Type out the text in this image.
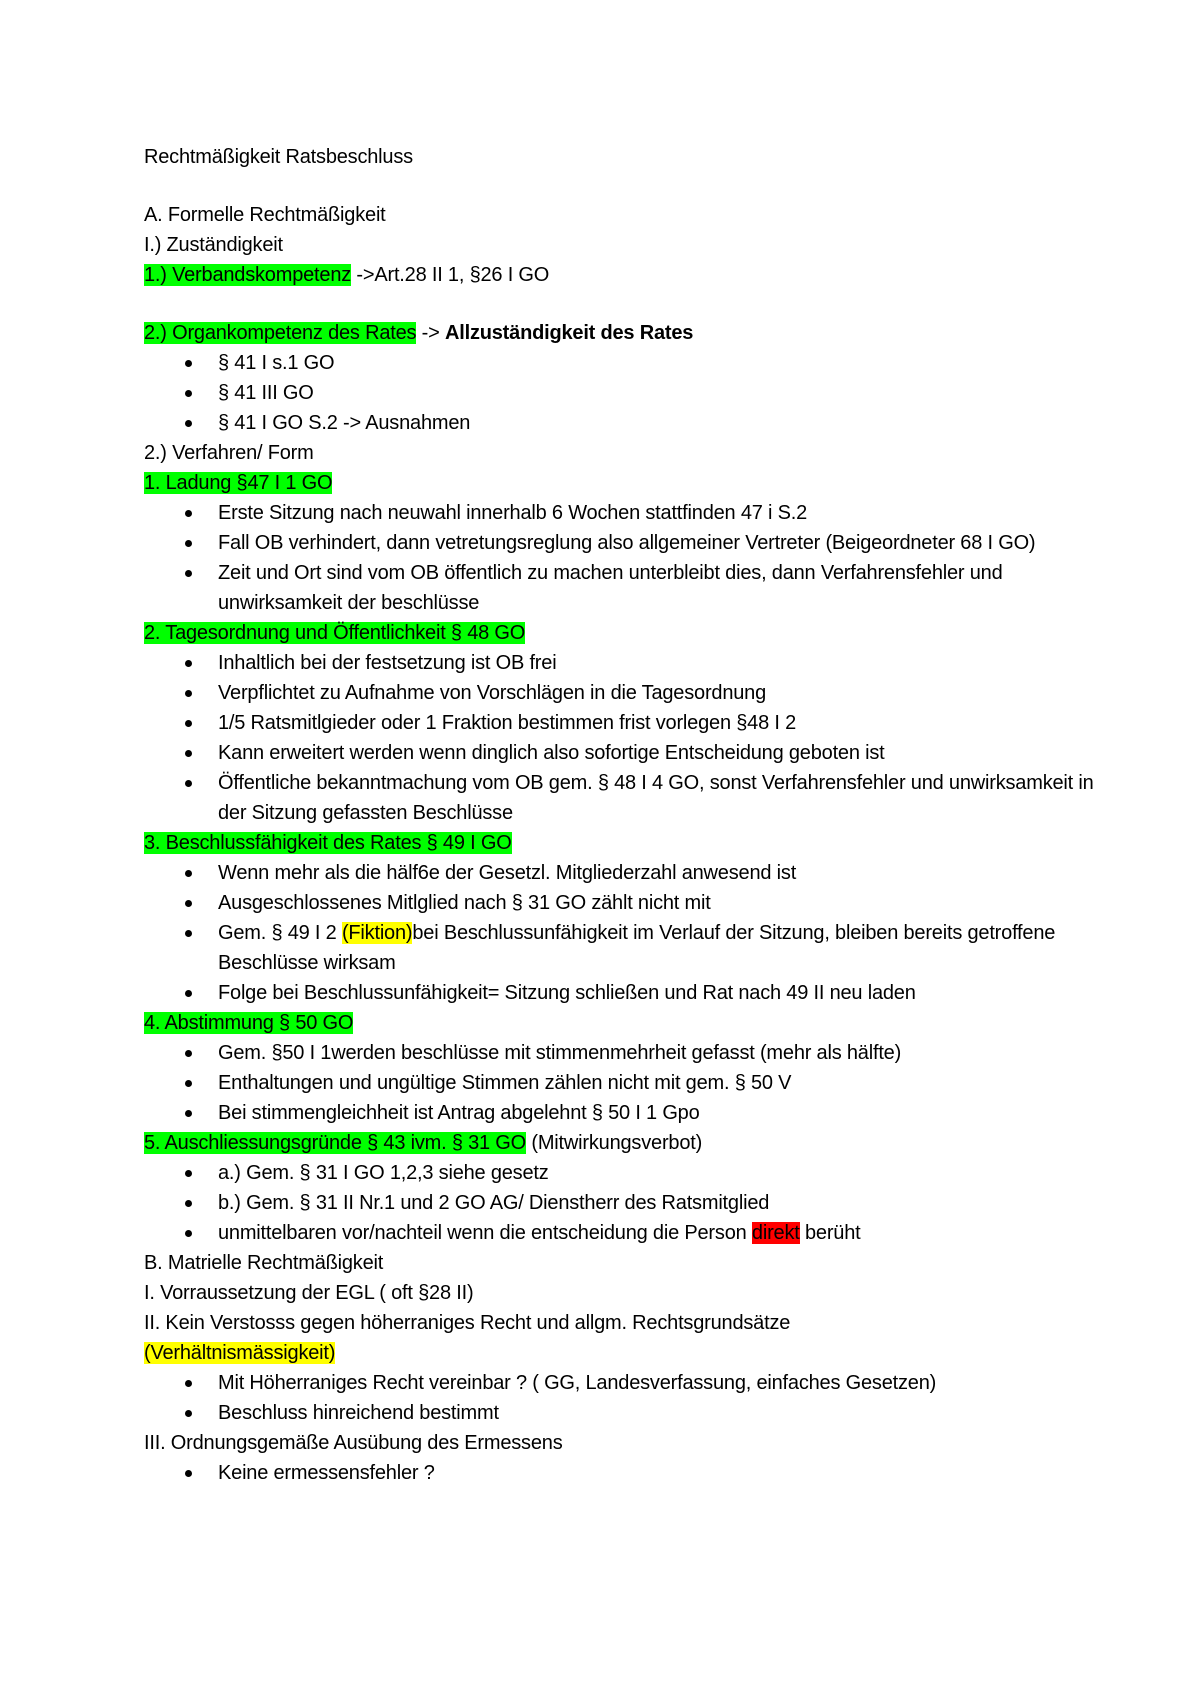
Rechtmäßigkeit Ratsbeschluss
A. Formelle Rechtmäßigkeit
I.) Zuständigkeit
1.) Verbandskompetenz ->Art.28 II 1, §26 I GO
2.) Organkompetenz des Rates -> Allzuständigkeit des Rates
§ 41 I s.1 GO
§ 41 III GO
§ 41 I GO S.2 -> Ausnahmen
2.) Verfahren/ Form
1. Ladung §47 I 1 GO
Erste Sitzung nach neuwahl innerhalb 6 Wochen stattfinden 47 i S.2
Fall OB verhindert, dann vetretungsreglung also allgemeiner Vertreter (Beigeordneter 68 I GO)
Zeit und Ort sind vom OB öffentlich zu machen unterbleibt dies, dann Verfahrensfehler und unwirksamkeit der beschlüsse
2. Tagesordnung und Öffentlichkeit § 48 GO
Inhaltlich bei der festsetzung ist OB frei
Verpflichtet zu Aufnahme von Vorschlägen in die Tagesordnung
1/5 Ratsmitlgieder oder 1 Fraktion bestimmen frist vorlegen §48 I 2
Kann erweitert werden wenn dinglich also sofortige Entscheidung geboten ist
Öffentliche bekanntmachung vom OB gem. § 48 I 4 GO, sonst Verfahrensfehler und unwirksamkeit in der Sitzung gefassten Beschlüsse
3. Beschlussfähigkeit des Rates § 49 I GO
Wenn mehr als die hälf6e der Gesetzl. Mitgliederzahl anwesend ist
Ausgeschlossenes Mitlglied nach § 31 GO zählt nicht mit
Gem. § 49 I 2 (Fiktion)bei Beschlussunfähigkeit im Verlauf der Sitzung, bleiben bereits getroffene Beschlüsse wirksam
Folge bei Beschlussunfähigkeit= Sitzung schließen und Rat nach 49 II neu laden
4. Abstimmung § 50 GO
Gem. §50 I 1werden beschlüsse mit stimmenmehrheit gefasst (mehr als hälfte)
Enthaltungen und ungültige Stimmen zählen nicht mit gem. § 50 V
Bei stimmengleichheit ist Antrag abgelehnt § 50 I 1 Gpo
5. Auschliessungsgründe § 43 ivm. § 31 GO (Mitwirkungsverbot)
a.) Gem. § 31 I GO 1,2,3 siehe gesetz
b.) Gem. § 31 II Nr.1 und 2 GO AG/ Dienstherr des Ratsmitglied
unmittelbaren vor/nachteil wenn die entscheidung die Person direkt berüht
B. Matrielle Rechtmäßigkeit
I. Vorraussetzung der EGL ( oft §28 II)
II. Kein Verstosss gegen höherraniges Recht und allgm. Rechtsgrundsätze
(Verhältnismässigkeit)
Mit Höherraniges Recht vereinbar ? ( GG, Landesverfassung, einfaches Gesetzen)
Beschluss hinreichend bestimmt
III. Ordnungsgemäße Ausübung des Ermessens
Keine ermessensfehler ?
